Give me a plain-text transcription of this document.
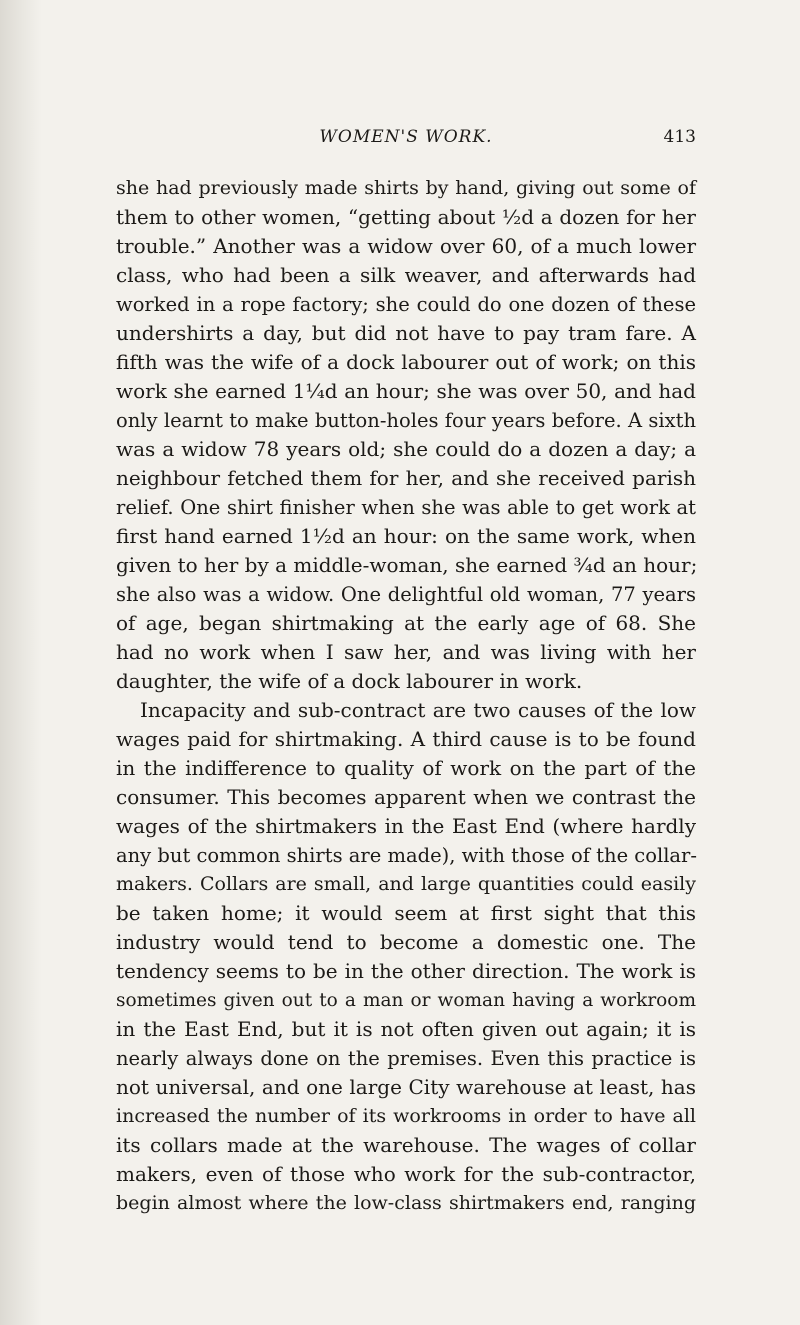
WOMEN'S WORK.	413
she had previously made shirts by hand, giving out some of
them to other women, “getting about ½d a dozen for her
trouble.” Another was a widow over 60, of a much lower
class, who had been a silk weaver, and afterwards had
worked in a rope factory; she could do one dozen of these
undershirts a day, but did not have to pay tram fare. A
fifth was the wife of a dock labourer out of work; on this
work she earned 1¼d an hour; she was over 50, and had
only learnt to make button-holes four years before. A sixth
was a widow 78 years old; she could do a dozen a day; a
neighbour fetched them for her, and she received parish
relief. One shirt finisher when she was able to get work at
first hand earned 1½d an hour: on the same work, when
given to her by a middle-woman, she earned ¾d an hour;
she also was a widow. One delightful old woman, 77 years
of age, began shirtmaking at the early age of 68. She
had no work when I saw her, and was living with her
daughter, the wife of a dock labourer in work.
Incapacity and sub-contract are two causes of the low
wages paid for shirtmaking. A third cause is to be found
in the indifference to quality of work on the part of the
consumer. This becomes apparent when we contrast the
wages of the shirtmakers in the East End (where hardly
any but common shirts are made), with those of the collar-
makers. Collars are small, and large quantities could easily
be taken home; it would seem at first sight that this
industry would tend to become a domestic one. The
tendency seems to be in the other direction. The work is
sometimes given out to a man or woman having a workroom
in the East End, but it is not often given out again; it is
nearly always done on the premises. Even this practice is
not universal, and one large City warehouse at least, has
increased the number of its workrooms in order to have all
its collars made at the warehouse. The wages of collar
makers, even of those who work for the sub-contractor,
begin almost where the low-class shirtmakers end, ranging
